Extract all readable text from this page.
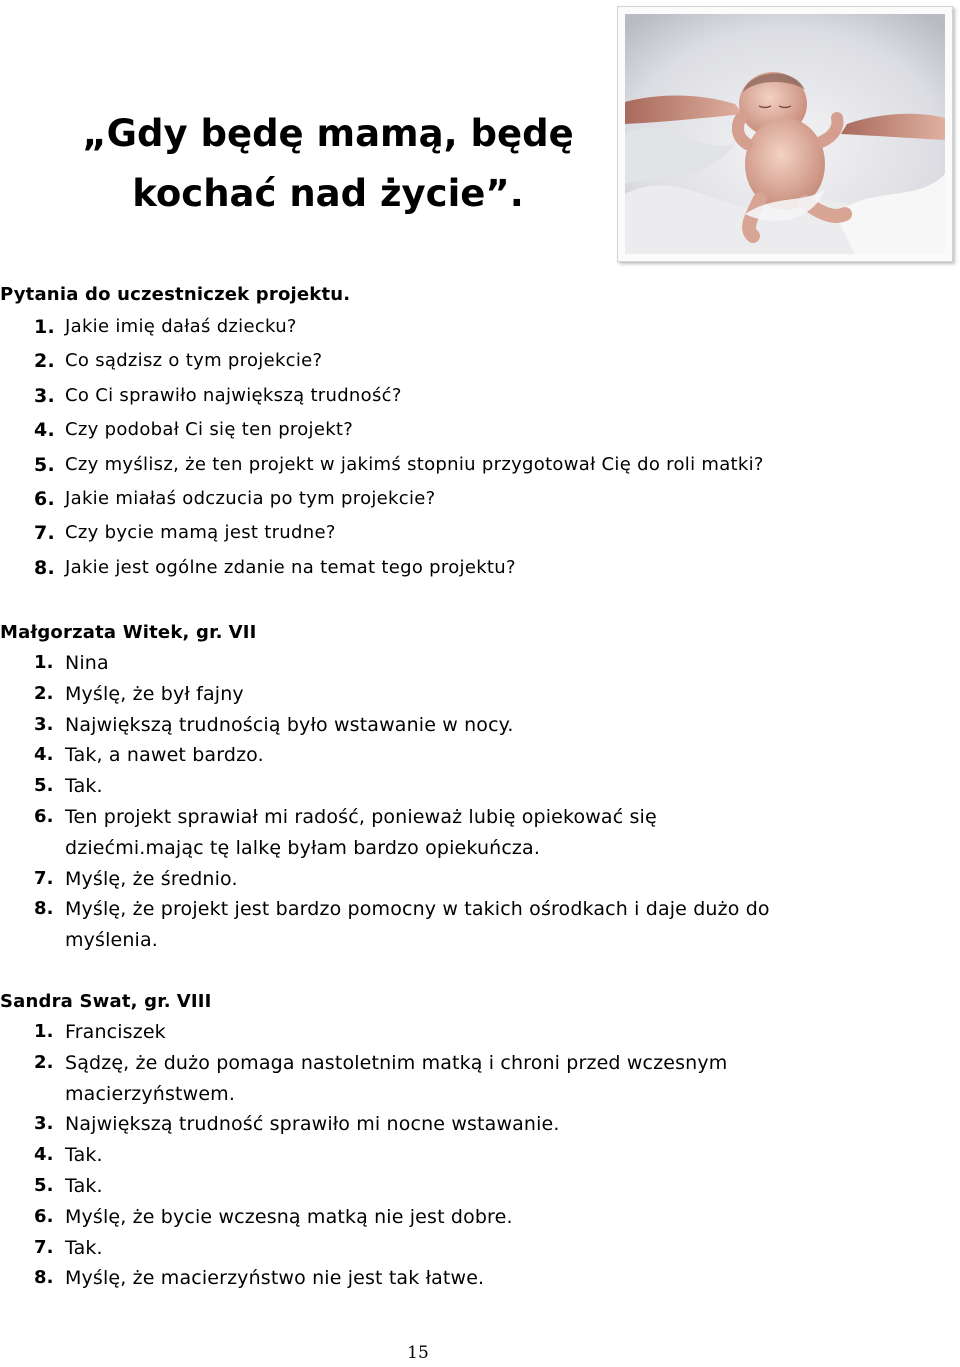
„Gdy będę mamą, będę
kochać nad życie”.
Pytania do uczestniczek projektu.
1. Jakie imię dałaś dziecku?
2. Co sądzisz o tym projekcie?
3. Co Ci sprawiło największą trudność?
4. Czy podobał Ci się ten projekt?
5. Czy myślisz, że ten projekt w jakimś stopniu przygotował Cię do roli matki?
6. Jakie miałaś odczucia po tym projekcie?
7. Czy bycie mamą jest trudne?
8. Jakie jest ogólne zdanie na temat tego projektu?
Małgorzata Witek, gr. VII
1. Nina
2. Myślę, że był fajny
3. Największą trudnością było wstawanie w nocy.
4. Tak, a nawet bardzo.
5. Tak.
6. Ten projekt sprawiał mi radość, ponieważ lubię opiekować się dziećmi.mając tę lalkę byłam bardzo opiekuńcza.
7. Myślę, że średnio.
8. Myślę, że projekt jest bardzo pomocny w takich ośrodkach i daje dużo do myślenia.
Sandra Swat, gr. VIII
1. Franciszek
2. Sądzę, że dużo pomaga nastoletnim matką i chroni przed wczesnym macierzyństwem.
3. Największą trudność sprawiło mi nocne wstawanie.
4. Tak.
5. Tak.
6. Myślę, że bycie wczesną matką nie jest dobre.
7. Tak.
8. Myślę, że macierzyństwo nie jest tak łatwe.
15
